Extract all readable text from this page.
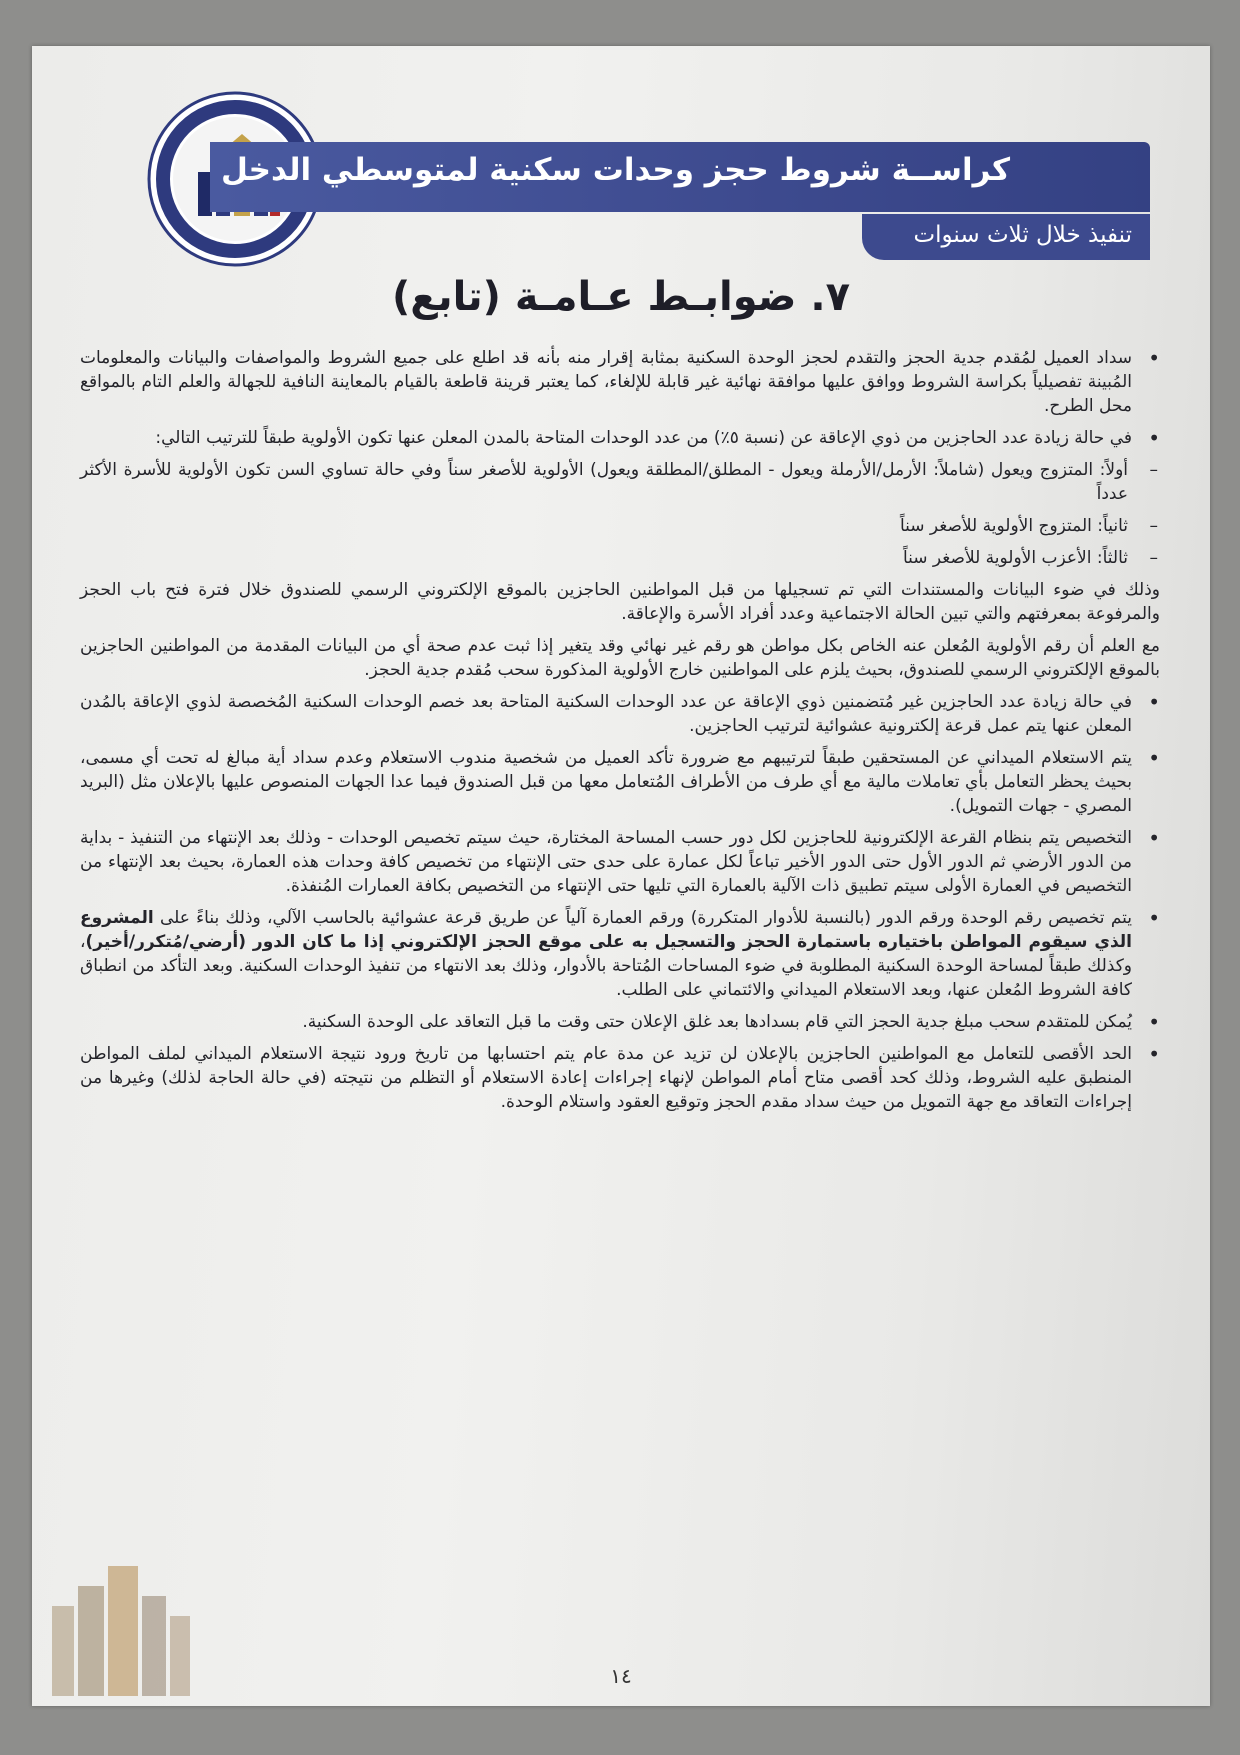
كراســة شروط حجز وحدات سكنية لمتوسطي الدخل
تنفيذ خلال ثلاث سنوات
٧. ضوابـط عـامـة (تابع)

• سداد العميل لمُقدم جدية الحجز والتقدم لحجز الوحدة السكنية بمثابة إقرار منه بأنه قد اطلع على جميع الشروط والمواصفات والبيانات والمعلومات المُبينة تفصيلياً بكراسة الشروط ووافق عليها موافقة نهائية غير قابلة للإلغاء، كما يعتبر قرينة قاطعة بالقيام بالمعاينة النافية للجهالة والعلم التام بالمواقع محل الطرح.

• في حالة زيادة عدد الحاجزين من ذوي الإعاقة عن (نسبة ٥٪) من عدد الوحدات المتاحة بالمدن المعلن عنها تكون الأولوية طبقاً للترتيب التالي:

–
أولاً: المتزوج ويعول (شاملاً: الأرمل/الأرملة ويعول - المطلق/المطلقة ويعول) الأولوية للأصغر سناً وفي حالة تساوي السن تكون الأولوية للأسرة الأكثر عدداً

–
ثانياً: المتزوج الأولوية للأصغر سناً

–
ثالثاً: الأعزب الأولوية للأصغر سناً

وذلك في ضوء البيانات والمستندات التي تم تسجيلها من قبل المواطنين الحاجزين بالموقع الإلكتروني الرسمي للصندوق خلال فترة فتح باب الحجز والمرفوعة بمعرفتهم والتي تبين الحالة الاجتماعية وعدد أفراد الأسرة والإعاقة.

مع العلم أن رقم الأولوية المُعلن عنه الخاص بكل مواطن هو رقم غير نهائي وقد يتغير إذا ثبت عدم صحة أي من البيانات المقدمة من المواطنين الحاجزين بالموقع الإلكتروني الرسمي للصندوق، بحيث يلزم على المواطنين خارج الأولوية المذكورة سحب مُقدم جدية الحجز.

• في حالة زيادة عدد الحاجزين غير مُتضمنين ذوي الإعاقة عن عدد الوحدات السكنية المتاحة بعد خصم الوحدات السكنية المُخصصة لذوي الإعاقة بالمُدن المعلن عنها يتم عمل قرعة إلكترونية عشوائية لترتيب الحاجزين.

• يتم الاستعلام الميداني عن المستحقين طبقاً لترتيبهم مع ضرورة تأكد العميل من شخصية مندوب الاستعلام وعدم سداد أية مبالغ له تحت أي مسمى، بحيث يحظر التعامل بأي تعاملات مالية مع أي طرف من الأطراف المُتعامل معها من قبل الصندوق فيما عدا الجهات المنصوص عليها بالإعلان مثل (البريد المصري - جهات التمويل).

• التخصيص يتم بنظام القرعة الإلكترونية للحاجزين لكل دور حسب المساحة المختارة، حيث سيتم تخصيص الوحدات - وذلك بعد الإنتهاء من التنفيذ - بداية من الدور الأرضي ثم الدور الأول حتى الدور الأخير تباعاً لكل عمارة على حدى حتى الإنتهاء من تخصيص كافة وحدات هذه العمارة، بحيث بعد الإنتهاء من التخصيص في العمارة الأولى سيتم تطبيق ذات الآلية بالعمارة التي تليها حتى الإنتهاء من التخصيص بكافة العمارات المُنفذة.

• يتم تخصيص رقم الوحدة ورقم الدور (بالنسبة للأدوار المتكررة) ورقم العمارة آلياً عن طريق قرعة عشوائية بالحاسب الآلي، وذلك بناءً على المشروع الذي سيقوم المواطن باختياره باستمارة الحجز والتسجيل به على موقع الحجز الإلكتروني إذا ما كان الدور (أرضي/مُتكرر/أخير)، وكذلك طبقاً لمساحة الوحدة السكنية المطلوبة في ضوء المساحات المُتاحة بالأدوار، وذلك بعد الانتهاء من تنفيذ الوحدات السكنية. وبعد التأكد من انطباق كافة الشروط المُعلن عنها، وبعد الاستعلام الميداني والائتماني على الطلب.

• يُمكن للمتقدم سحب مبلغ جدية الحجز التي قام بسدادها بعد غلق الإعلان حتى وقت ما قبل التعاقد على الوحدة السكنية.

• الحد الأقصى للتعامل مع المواطنين الحاجزين بالإعلان لن تزيد عن مدة عام يتم احتسابها من تاريخ ورود نتيجة الاستعلام الميداني لملف المواطن المنطبق عليه الشروط، وذلك كحد أقصى متاح أمام المواطن لإنهاء إجراءات إعادة الاستعلام أو التظلم من نتيجته (في حالة الحاجة لذلك) وغيرها من إجراءات التعاقد مع جهة التمويل من حيث سداد مقدم الحجز وتوقيع العقود واستلام الوحدة.

١٤
